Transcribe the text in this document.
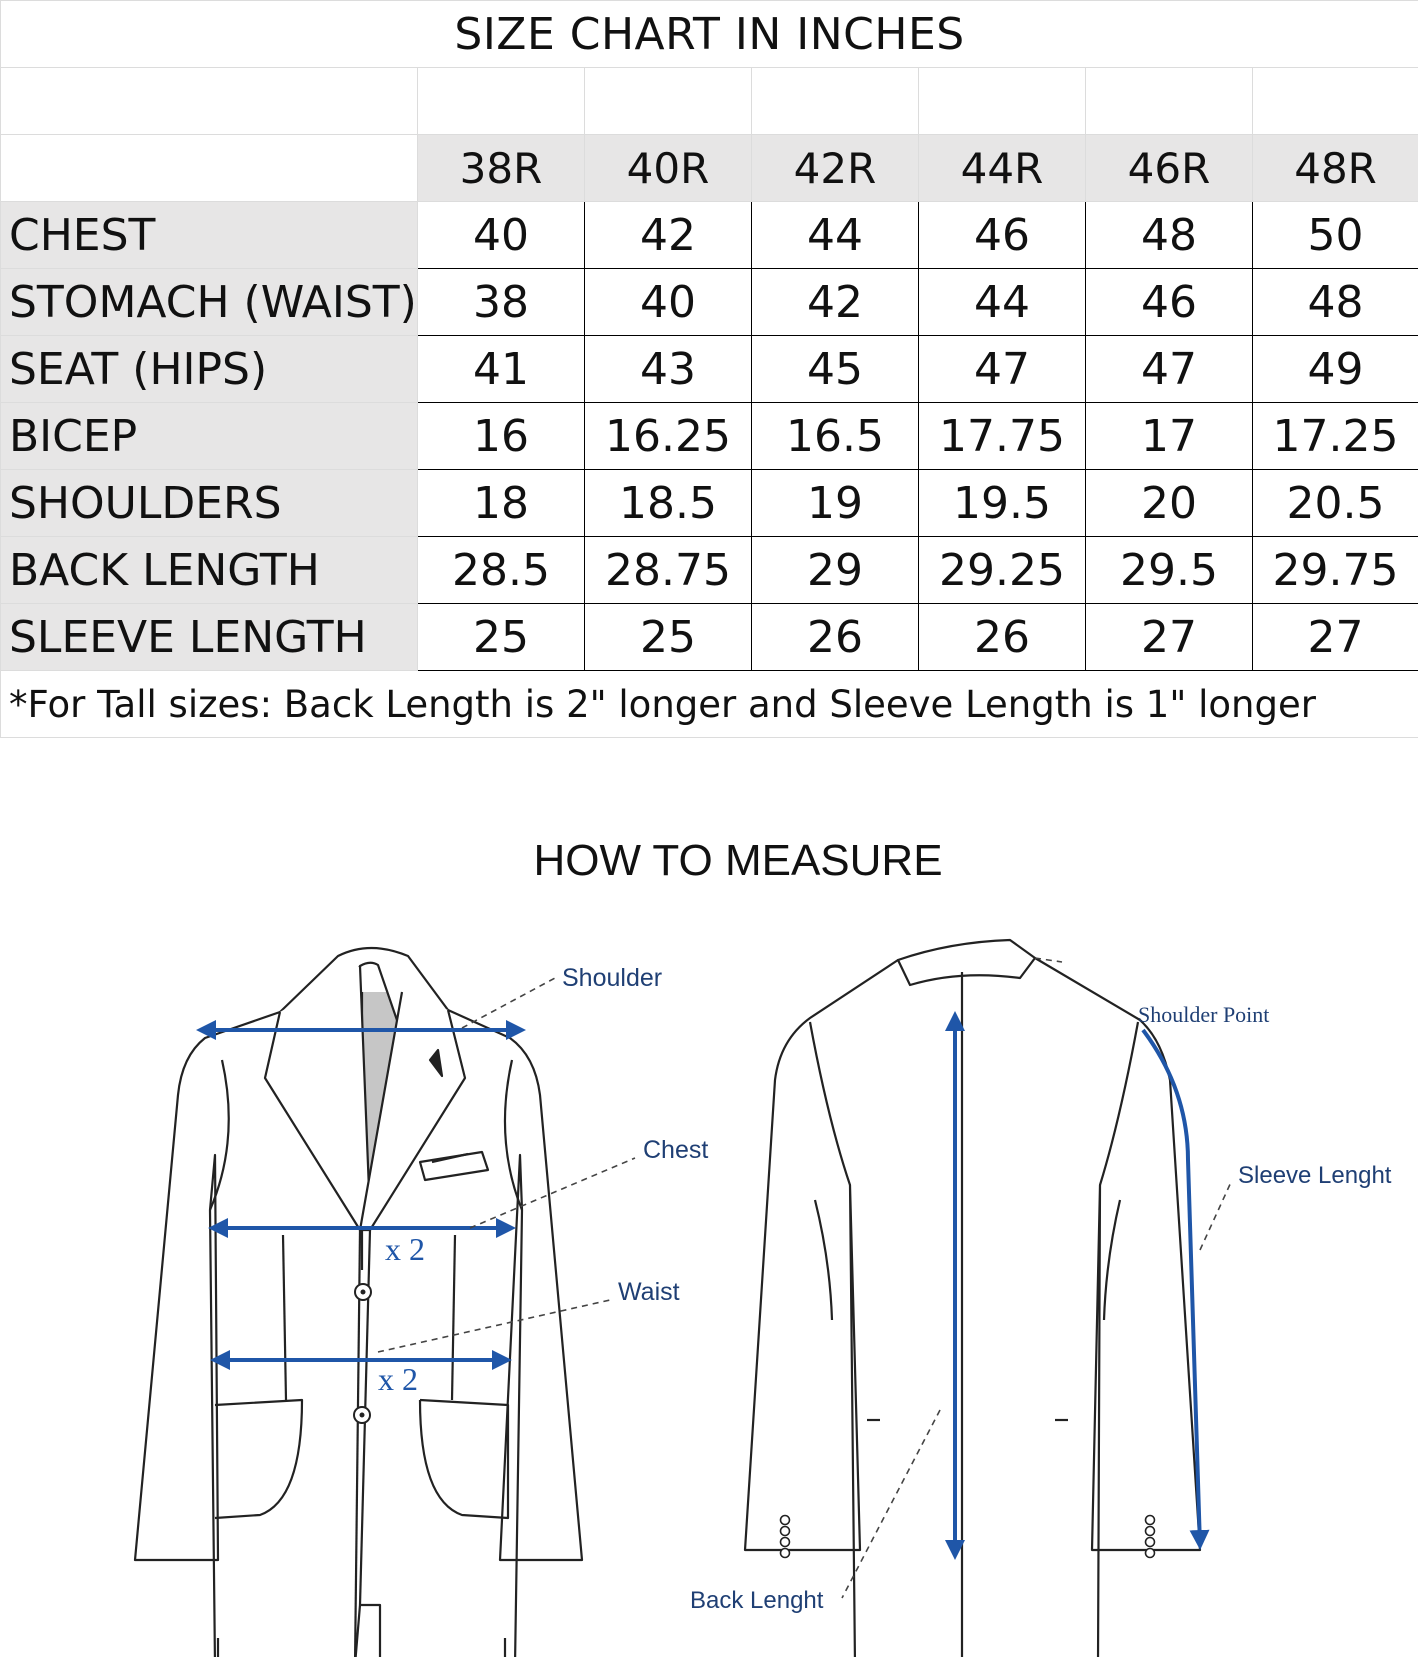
SIZE CHART IN INCHES						

	38R	40R	42R	44R	46R	48R
CHEST	40	42	44	46	48	50
STOMACH (WAIST)	38	40	42	44	46	48
SEAT (HIPS)	41	43	45	47	47	49
BICEP	16	16.25	16.5	17.75	17	17.25
SHOULDERS	18	18.5	19	19.5	20	20.5
BACK LENGTH	28.5	28.75	29	29.25	29.5	29.75
SLEEVE LENGTH	25	25	26	26	27	27
*For Tall sizes: Back Length is 2" longer and Sleeve Length is 1" longer						
HOW TO MEASURE
Shoulder
Chest
Waist
x 2
x 2
Shoulder Point
Sleeve Lenght
Back Lenght
